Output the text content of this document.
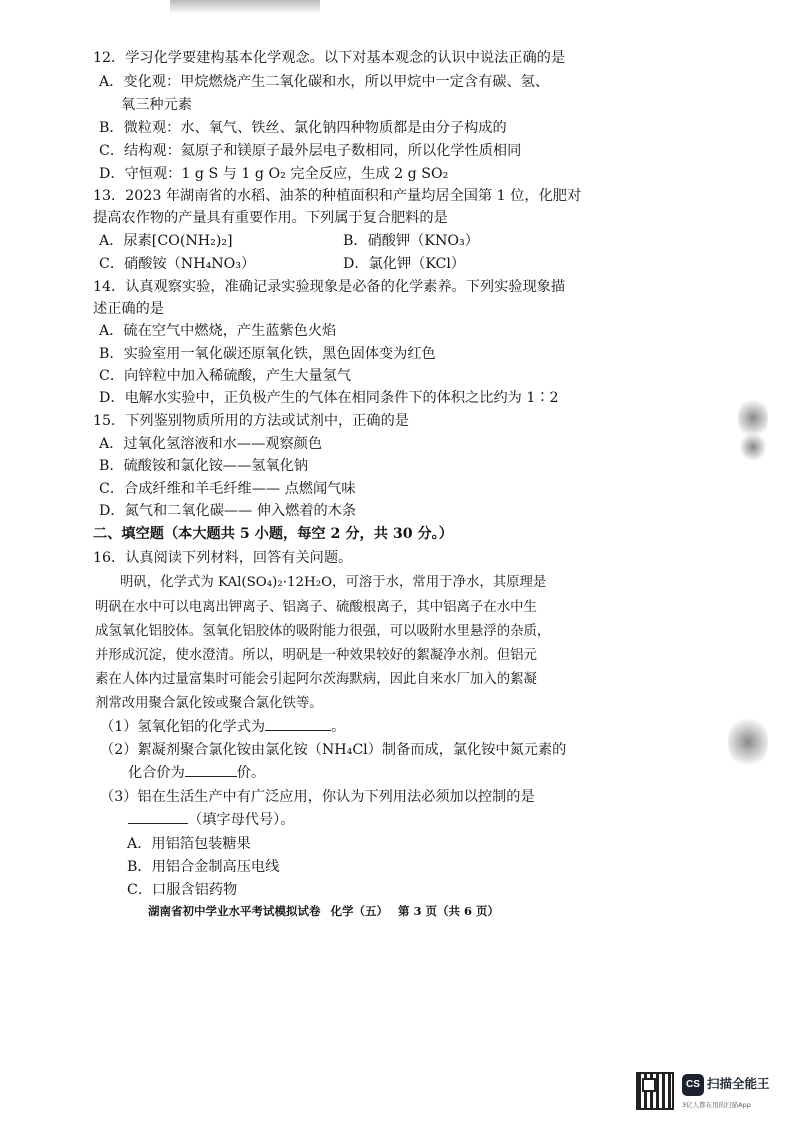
12．学习化学要建构基本化学观念。以下对基本观念的认识中说法正确的是
A．变化观：甲烷燃烧产生二氧化碳和水，所以甲烷中一定含有碳、氢、
氧三种元素
B．微粒观：水、氧气、铁丝、氯化钠四种物质都是由分子构成的
C．结构观：氦原子和镁原子最外层电子数相同，所以化学性质相同
D．守恒观：1 g S 与 1 g O₂ 完全反应，生成 2 g SO₂
13．2023 年湖南省的水稻、油茶的种植面积和产量均居全国第 1 位，化肥对
提高农作物的产量具有重要作用。下列属于复合肥料的是
A．尿素[CO(NH₂)₂]	B．硝酸钾（KNO₃）
C．硝酸铵（NH₄NO₃）	D．氯化钾（KCl）
14．认真观察实验，准确记录实验现象是必备的化学素养。下列实验现象描
述正确的是
A．硫在空气中燃烧，产生蓝紫色火焰
B．实验室用一氧化碳还原氧化铁，黑色固体变为红色
C．向锌粒中加入稀硫酸，产生大量氢气
D．电解水实验中，正负极产生的气体在相同条件下的体积之比约为 1∶2
15．下列鉴别物质所用的方法或试剂中，正确的是
A．过氧化氢溶液和水——观察颜色
B．硫酸铵和氯化铵——氢氧化钠
C．合成纤维和羊毛纤维—— 点燃闻气味
D．氮气和二氧化碳—— 伸入燃着的木条
二、填空题（本大题共 5 小题，每空 2 分，共 30 分。）
16．认真阅读下列材料，回答有关问题。
明矾，化学式为 KAl(SO₄)₂·12H₂O，可溶于水，常用于净水，其原理是
明矾在水中可以电离出钾离子、铝离子、硫酸根离子，其中铝离子在水中生
成氢氧化铝胶体。氢氧化铝胶体的吸附能力很强，可以吸附水里悬浮的杂质，
并形成沉淀，使水澄清。所以，明矾是一种效果较好的絮凝净水剂。但铝元
素在人体内过量富集时可能会引起阿尔茨海默病，因此自来水厂加入的絮凝
剂常改用聚合氯化铵或聚合氯化铁等。
（1）氢氧化铝的化学式为	。
（2）絮凝剂聚合氯化铵由氯化铵（NH₄Cl）制备而成，氯化铵中氮元素的
化合价为	价。
（3）铝在生活生产中有广泛应用，你认为下列用法必须加以控制的是
（填字母代号）。
A．用铝箔包装糖果
B．用铝合金制高压电线
C．口服含铝药物
湖南省初中学业水平考试模拟试卷 化学（五） 第 3 页（共 6 页）
CS 扫描全能王
3亿人都在用的扫描App
